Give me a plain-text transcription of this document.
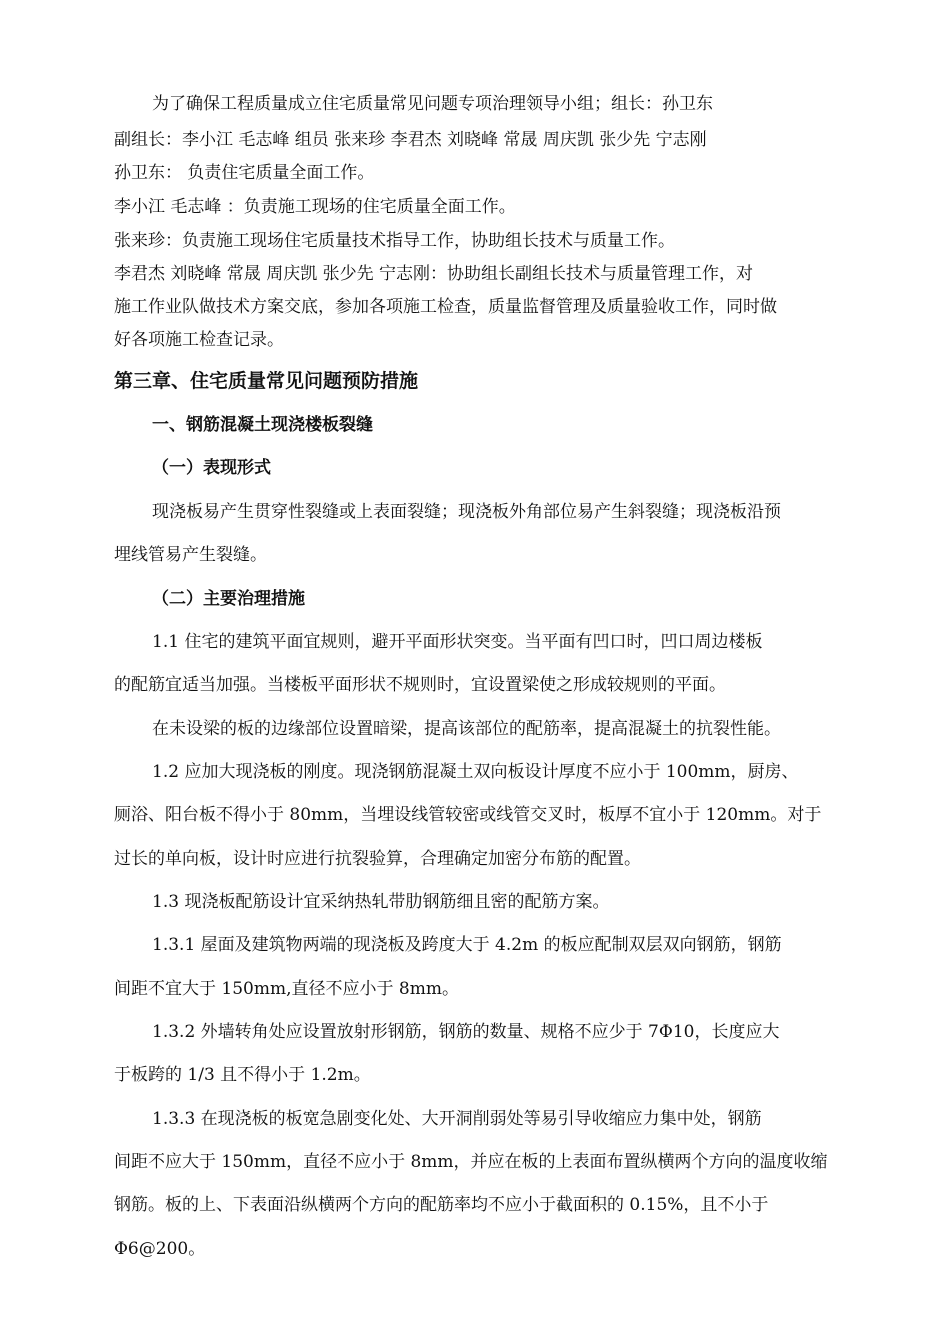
为了确保工程质量成立住宅质量常见问题专项治理领导小组；组长：孙卫东
副组长：李小江 毛志峰 组员 张来珍 李君杰 刘晓峰 常晟 周庆凯 张少先 宁志刚
孙卫东： 负责住宅质量全面工作。
李小江 毛志峰 ：负责施工现场的住宅质量全面工作。
张来珍：负责施工现场住宅质量技术指导工作，协助组长技术与质量工作。
李君杰 刘晓峰 常晟 周庆凯 张少先 宁志刚：协助组长副组长技术与质量管理工作，对
施工作业队做技术方案交底，参加各项施工检查，质量监督管理及质量验收工作，同时做
好各项施工检查记录。
第三章、住宅质量常见问题预防措施
一、钢筋混凝土现浇楼板裂缝
（一）表现形式
现浇板易产生贯穿性裂缝或上表面裂缝；现浇板外角部位易产生斜裂缝；现浇板沿预
埋线管易产生裂缝。
（二）主要治理措施
1.1 住宅的建筑平面宜规则，避开平面形状突变。当平面有凹口时，凹口周边楼板
的配筋宜适当加强。当楼板平面形状不规则时，宜设置梁使之形成较规则的平面。
在未设梁的板的边缘部位设置暗梁，提高该部位的配筋率，提高混凝土的抗裂性能。
1.2 应加大现浇板的刚度。现浇钢筋混凝土双向板设计厚度不应小于 100mm，厨房、
厕浴、阳台板不得小于 80mm，当埋设线管较密或线管交叉时，板厚不宜小于 120mm。对于
过长的单向板，设计时应进行抗裂验算，合理确定加密分布筋的配置。
1.3 现浇板配筋设计宜采纳热轧带肋钢筋细且密的配筋方案。
1.3.1 屋面及建筑物两端的现浇板及跨度大于 4.2m 的板应配制双层双向钢筋，钢筋
间距不宜大于 150mm,直径不应小于 8mm。
1.3.2 外墙转角处应设置放射形钢筋，钢筋的数量、规格不应少于 7Φ10，长度应大
于板跨的 1/3 且不得小于 1.2m。
1.3.3 在现浇板的板宽急剧变化处、大开洞削弱处等易引导收缩应力集中处，钢筋
间距不应大于 150mm，直径不应小于 8mm，并应在板的上表面布置纵横两个方向的温度收缩
钢筋。板的上、下表面沿纵横两个方向的配筋率均不应小于截面积的 0.15%，且不小于
Φ6@200。
